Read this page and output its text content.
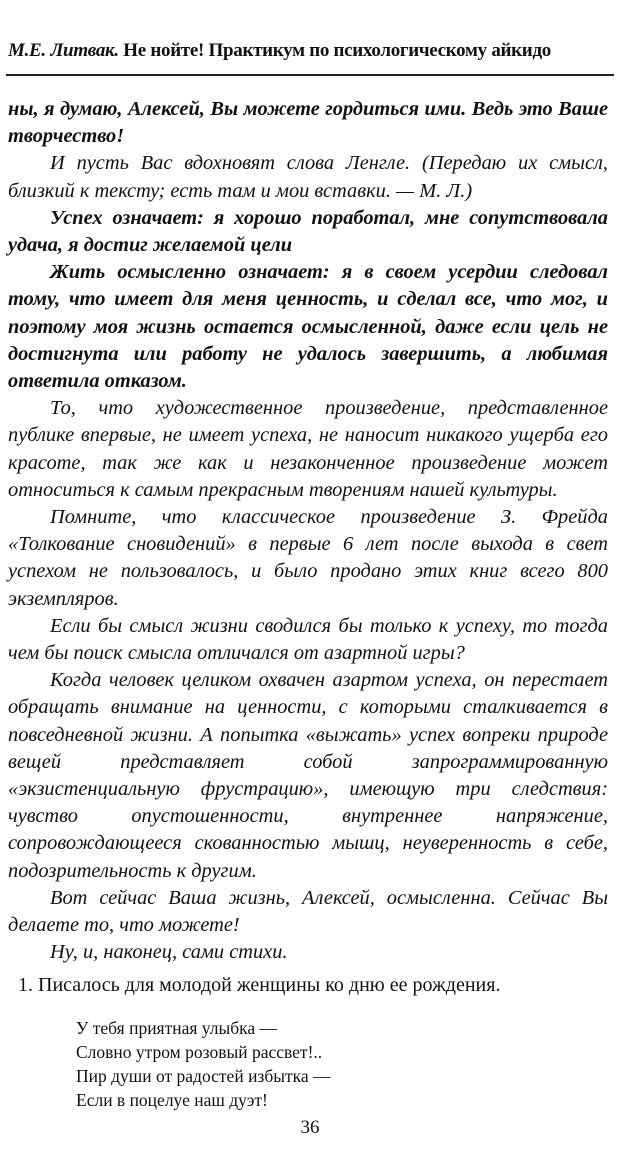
М.Е. Литвак. Не нойте! Практикум по психологическому айкидо

ны, я думаю, Алексей, Вы можете гордиться ими. Ведь это Ваше творчество!

И пусть Вас вдохновят слова Ленгле. (Передаю их смысл, близкий к тексту; есть там и мои вставки. — М. Л.)

Успех означает: я хорошо поработал, мне сопутствовала удача, я достиг желаемой цели

Жить осмысленно означает: я в своем усердии следовал тому, что имеет для меня ценность, и сделал все, что мог, и поэтому моя жизнь остается осмысленной, даже если цель не достигнута или работу не удалось завершить, а любимая ответила отказом.

То, что художественное произведение, представленное публике впервые, не имеет успеха, не наносит никакого ущерба его красоте, так же как и незаконченное произведение может относиться к самым прекрасным творениям нашей культуры.

Помните, что классическое произведение З. Фрейда «Толкование сновидений» в первые 6 лет после выхода в свет успехом не пользовалось, и было продано этих книг всего 800 экземпляров.

Если бы смысл жизни сводился бы только к успеху, то тогда чем бы поиск смысла отличался от азартной игры?

Когда человек целиком охвачен азартом успеха, он перестает обращать внимание на ценности, с которыми сталкивается в повседневной жизни. А попытка «выжать» успех вопреки природе вещей представляет собой запрограммированную «экзистенциальную фрустрацию», имеющую три следствия: чувство опустошенности, внутреннее напряжение, сопровождающееся скованностью мышц, неуверенность в себе, подозрительность к другим.

Вот сейчас Ваша жизнь, Алексей, осмысленна. Сейчас Вы делаете то, что можете!

Ну, и, наконец, сами стихи.

1. Писалось для молодой женщины ко дню ее рождения.
У тебя приятная улыбка —
Словно утром розовый рассвет!..
Пир души от радостей избытка —
Если в поцелуе наш дуэт!
36
